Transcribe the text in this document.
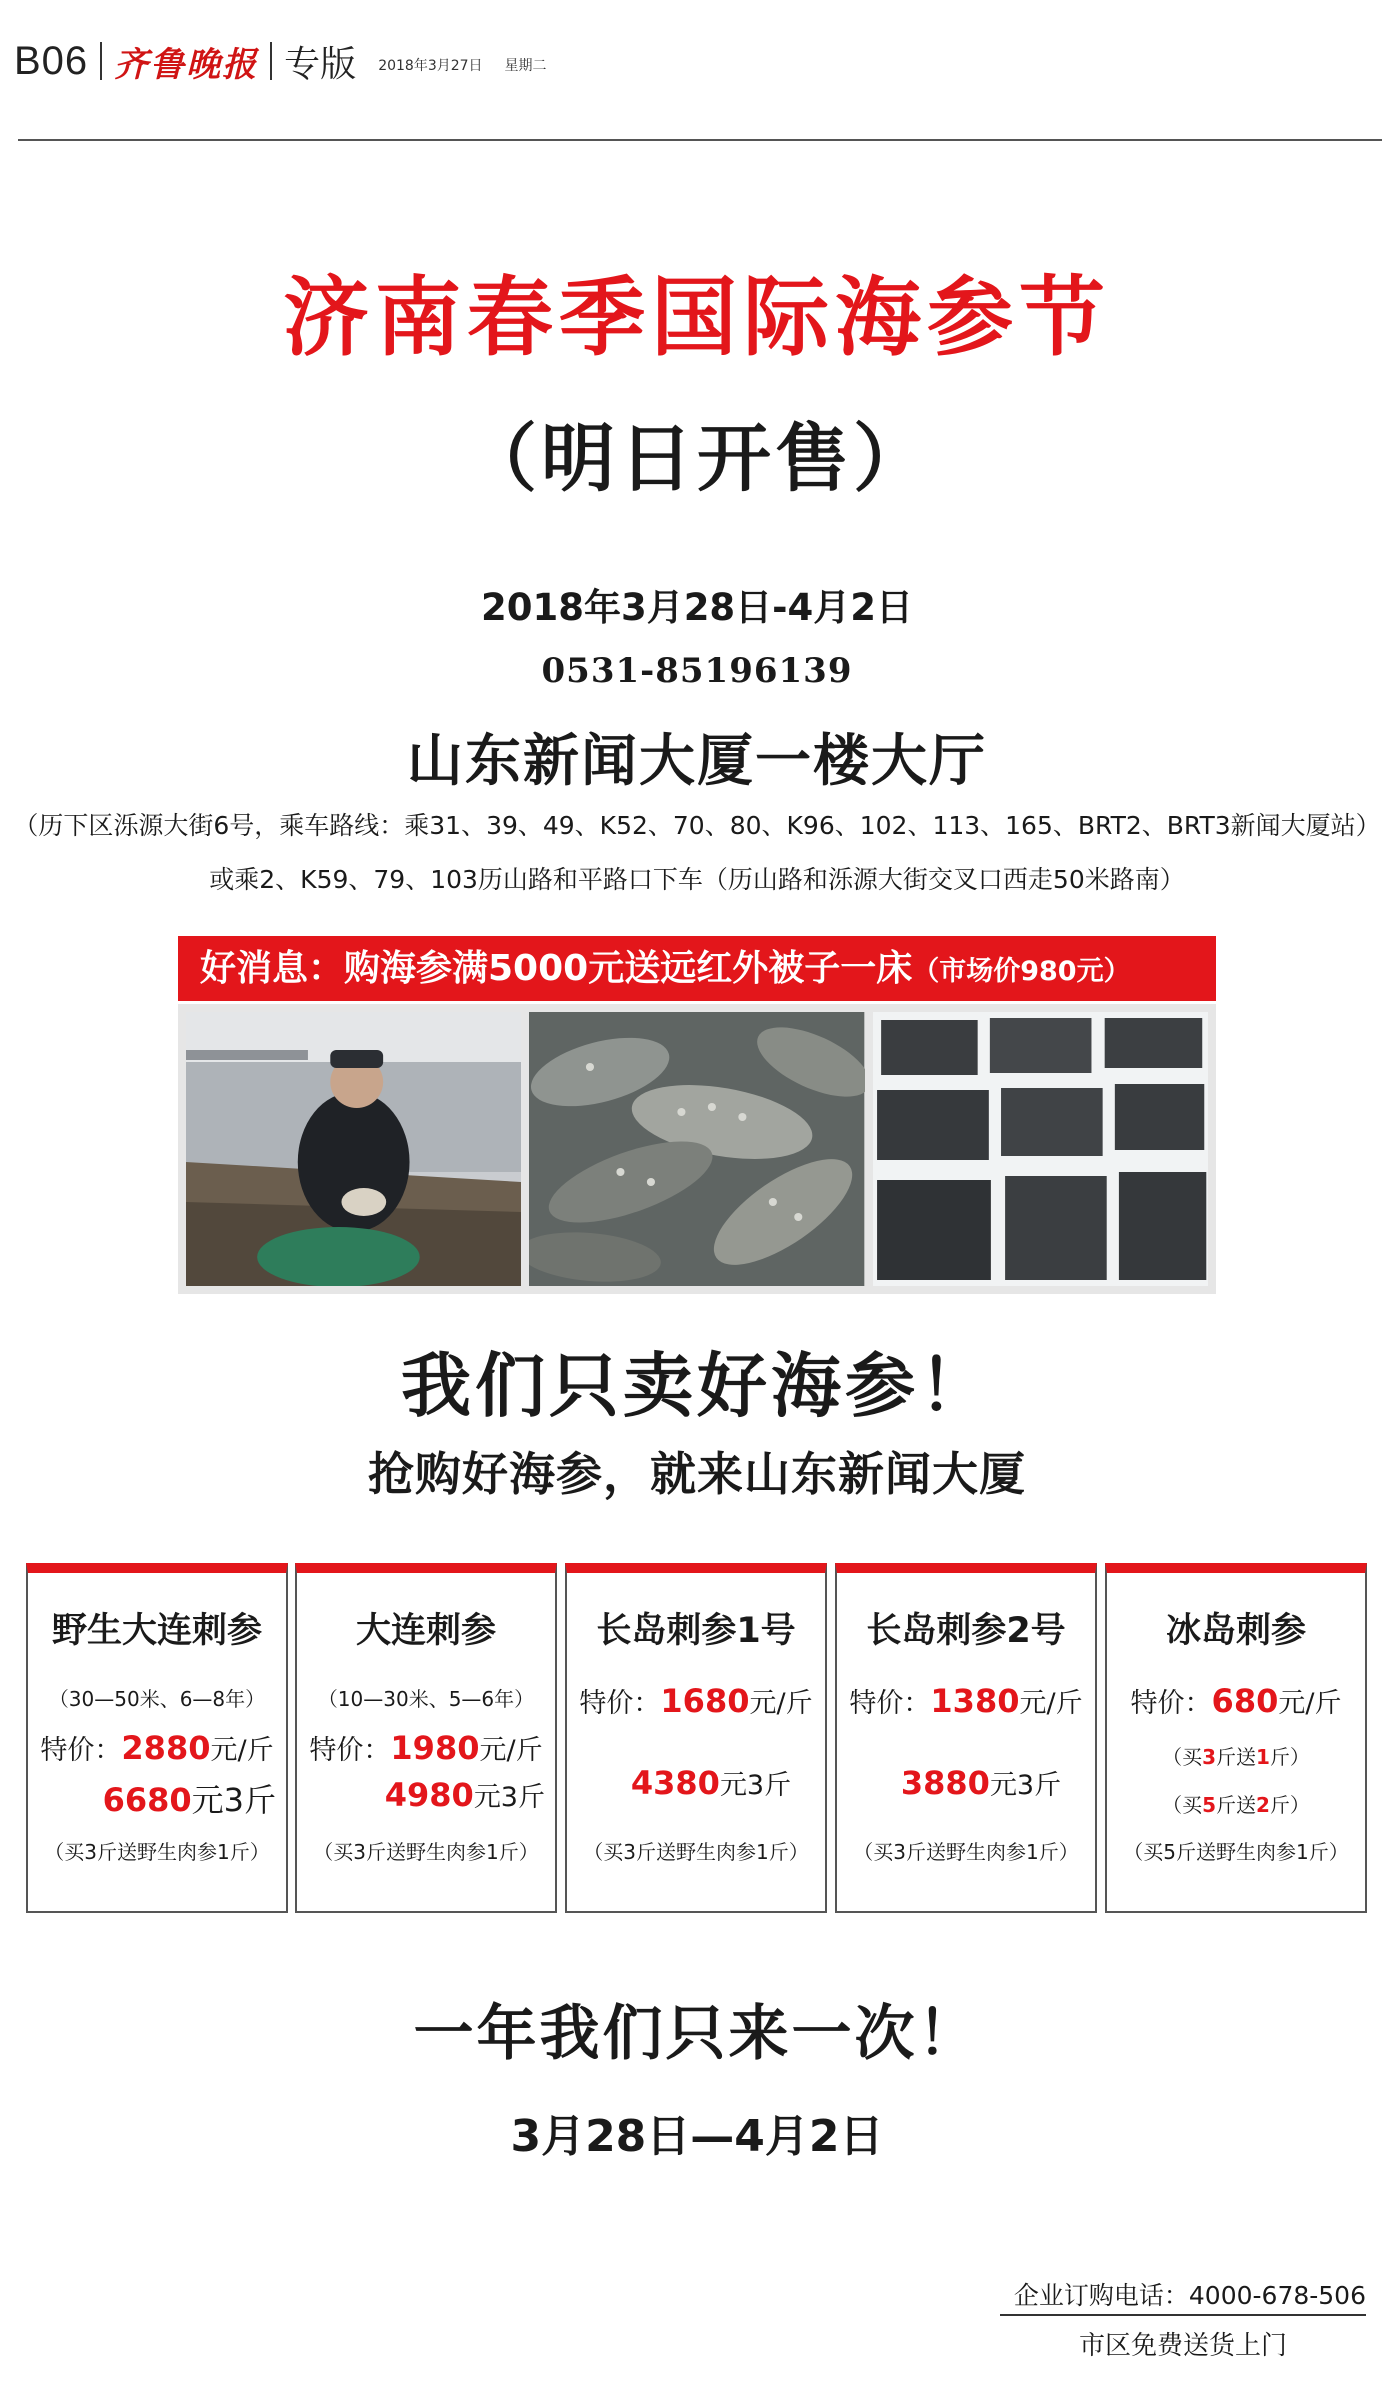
B06 齐鲁晚报 专版 2018年3月27日 星期二
济南春季国际海参节
（明日开售）
2018年3月28日-4月2日
0531-85196139
山东新闻大厦一楼大厅
（历下区泺源大街6号，乘车路线：乘31、39、49、K52、70、80、K96、102、113、165、BRT2、BRT3新闻大厦站）
或乘2、K59、79、103历山路和平路口下车（历山路和泺源大街交叉口西走50米路南）
好消息：购海参满5000元送远红外被子一床（市场价980元）
我们只卖好海参！
抢购好海参，就来山东新闻大厦
野生大连刺参
（30—50米、6—8年）
特价：2880元/斤
6680元3斤
（买3斤送野生肉参1斤）
大连刺参
（10—30米、5—6年）
特价：1980元/斤
4980元3斤
（买3斤送野生肉参1斤）
长岛刺参1号
特价：1680元/斤
4380元3斤
（买3斤送野生肉参1斤）
长岛刺参2号
特价：1380元/斤
3880元3斤
（买3斤送野生肉参1斤）
冰岛刺参
特价：680元/斤
（买3斤送1斤）
（买5斤送2斤）
（买5斤送野生肉参1斤）
一年我们只来一次！
3月28日—4月2日
企业订购电话：4000-678-506
市区免费送货上门
